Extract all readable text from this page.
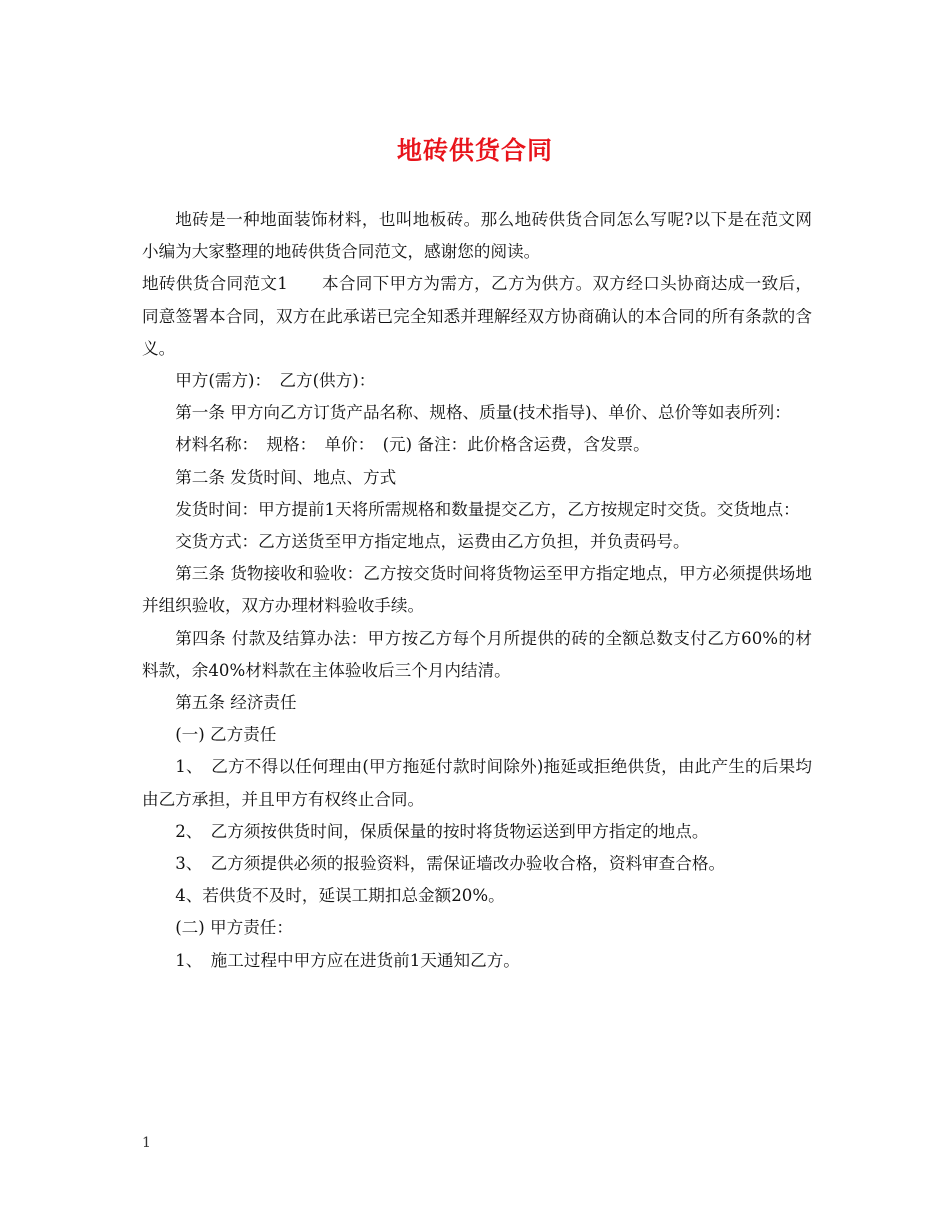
地砖供货合同

地砖是一种地面装饰材料，也叫地板砖。那么地砖供货合同怎么写呢?以下是在范文网小编为大家整理的地砖供货合同范文，感谢您的阅读。

地砖供货合同范文1　　本合同下甲方为需方，乙方为供方。双方经口头协商达成一致后，同意签署本合同，双方在此承诺已完全知悉并理解经双方协商确认的本合同的所有条款的含义。

甲方(需方)：　乙方(供方)：

第一条 甲方向乙方订货产品名称、规格、质量(技术指导)、单价、总价等如表所列：

材料名称：　规格：　单价：　(元) 备注：此价格含运费，含发票。

第二条 发货时间、地点、方式

发货时间：甲方提前1天将所需规格和数量提交乙方，乙方按规定时交货。交货地点：

交货方式：乙方送货至甲方指定地点，运费由乙方负担，并负责码号。

第三条 货物接收和验收：乙方按交货时间将货物运至甲方指定地点，甲方必须提供场地并组织验收，双方办理材料验收手续。

第四条 付款及结算办法：甲方按乙方每个月所提供的砖的全额总数支付乙方60%的材料款，余40%材料款在主体验收后三个月内结清。

第五条 经济责任

(一) 乙方责任

1、　乙方不得以任何理由(甲方拖延付款时间除外)拖延或拒绝供货，由此产生的后果均由乙方承担，并且甲方有权终止合同。

2、　乙方须按供货时间，保质保量的按时将货物运送到甲方指定的地点。

3、　乙方须提供必须的报验资料，需保证墙改办验收合格，资料审查合格。

4、若供货不及时，延误工期扣总金额20%。

(二) 甲方责任：

1、　施工过程中甲方应在进货前1天通知乙方。

1
